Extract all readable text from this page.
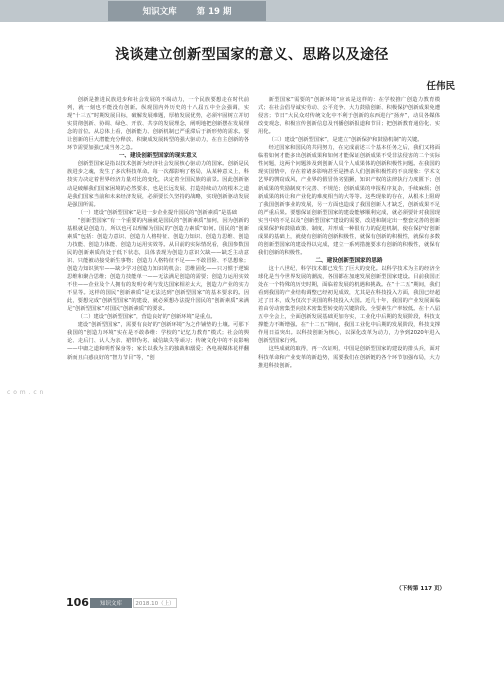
知识文库 第 19 期
浅谈建立创新型国家的意义、思路以及途径
任伟民

创新是推进民族进步和社会发展的不竭动力，一个民族要想走在时代前列，就一刻也不能没有创新。纵观国内外历史的十八届五中全会强调，实现“十三五”时期发展目标，破解发展难题，厚植发展优势，必须牢固树立并切实贯彻创新、协调、绿色、开放、共享的发展理念，阐明地把创新摆在发展理念的首位。从总体上看，创新能力、创新机制已严重滞后于新形势的需求。要让创新的巨大潜能充分释放、积聚成发展转型的强大驱动力，在自主创新的各环节需要加强已成当务之急。

一、建设创新型国家的现实意义

创新型国家是指以技术创新为经济社会发展核心驱动力的国家。创新是民族进步之魂，发生了多次科技革命。每一次都影响了格局，从某种意义上，科技实力决定着世界经济力量对比的变化，决定着全国民族的前景。因此创新驱动是破解我们国家困境的必然要求，也是长远发展、打造持续动力的根本之道是我们国家当前和未来经济发展，必须要长久坚持的战略，实现创新驱动发展是强国所需。

（一）建设“创新型国家”是进一步企业提升国民的“创新素质”是基础

“创新型国家”有一个重要的内涵就是国民的“创新素质”加何，因为创新的基根就是创造力，所以也可以理解为国民的“创造力素质”如何。国民的“创新素质”包括：创造力意识、创造力人格特征、创造力知识、创造力思维、创造力技能、创造力体能、创造力运用实效等。从目前的实际情况看，我国参数国民的创新素质尚处于低下状态，具体表现为创造力意识欠缺——缺乏主动意识、只能被动接受新生事物；创造力人格特征不足——不敢冒险、不思想象；创造力知识狭窄——缺少学习创造力知识的机会；思维固化——只习惯于逻辑思维和聚合思维；创造力技能单一——无法满足创造的需要；创造力运用实效不佳——企业及个人拥有的发明专利与发达国家相差太大，创造力产业的实力不显等。这样的国民“创新素质”是无法达到“创新型国家”的基本要求的。因此，要想完成“创新型国家”的建设，就必须想办法提升国民的“创新素质”来满足“创新型国家”对国民“创新素质”的要求。

（二）建设“创新型国家”，营造良好的“创新环境”是重点。

建设“创新型国家”，需要有良好的“创新环境”为之作铺垫的土壤。可那下我国的“创造力环境”实在是不敢恭维：学校的“记忆力教育”模式；社会的舆论、走后门、认人为亲、裙带伪劣、诚信缺失等顽习；传统文化中的不良影响——中庸之道和明哲保身等；家长以我为主的独裁和溺爱；各电视媒体花样翻新而且白惑良好的“智力节目”等，“创

新型国家”需要的“创新环境”应该是这样的：在学校推广创造力教育模式；在社会倡导诚实劳动、公平竞争、大力鼓励创新、积极保护创新成果免遭侵害；节日“大民众对传统文化中不利于创新的东西进行“扬弃”，动员各媒体改变观念，积极宣传创新信息及刊播创新报道和节目；把创新教育通俗化、实用化。

（三）建设“创新型国家”，是建立“创新保护和鼓励机制”的关键。

经过国家和国民的共同努力，在完成前述三个基本任务之后，我们又将面临着如何才能多出创新成果和如何才能保证创新成果不受非法侵害的二个实际性问题，这两个问题涉及到创新人员个人成果体的创新积极性问题。在我国的现实国情中，存在着诸多影响甚至是挫杀人们创新积极性的不良现象：学术文艺界的剽窃成风，产业界的假冒伪劣猖獗，知识产权的法律执行力度匮下；创新成果的奖励制度不完善、不规范；创新成果的申报程序复杂，手续麻烦；创新成果的转让和产业化的难度相当的大等等。这些现象的存在，从根本上阻碍了我国创新事业的发展，另一方面也造成了我国创新人才缺乏，创新成果不足的严重后果。要想保证创新型国家的建设能够顺利完成，就必须要针对我国现实当中的不足以及“创新型国家”建设的需要，改进和制定出一整套完善的创新成果保护和鼓励政策、制度，并形成一种很有力的促进机制，使在保护好创新成果的基础上，就使有创新的创新积极性，就保有创新的积极性，就保有多数的创新型国家的建设得以完成，建立一系列措施要求有创新的积极性，就保有我们创新的积极性。

二、建设创新型国家的思路

这十八世纪，科学技术都已发生了巨大的变化。以科学技术为主的经济全球化是当今世界发展的潮流，各国都在加速发展创新型国家建设。目前我国正处在一个特殊的历史时期，面临着发展的机遇和挑战。在“十二五”期间，我们看到我国的产业结构调整已经初见成效，尤其是在科技投入方面，我国已经超过了日本，成为仅次于美国的科技投入大国。近几十年，我国的产业发展面临着由劳动密集型向技术密集型转变的关键阶段。全要素生产率较低。在十八届五中全会上，全面创新发展基础更加夯实，工业化中后期的发展阶段，科技支撑能力不断增强。在“十二五”期间，我国工业化中后期的发展阶段，科技支撑作用日益突出。以科技创新为核心，以深化改革为动力，力争到2020年进入创新型国家行列。

这些成就的取得，再一次证明，中国是创新型国家的建设的排头兵，面对科技革命和产业变革的新趋势，需要我们在创新链的各个环节加强布局，大力推进科技创新。

c o m . c n
（下转第 117 页）
106	知识文库	2018.10（上）
